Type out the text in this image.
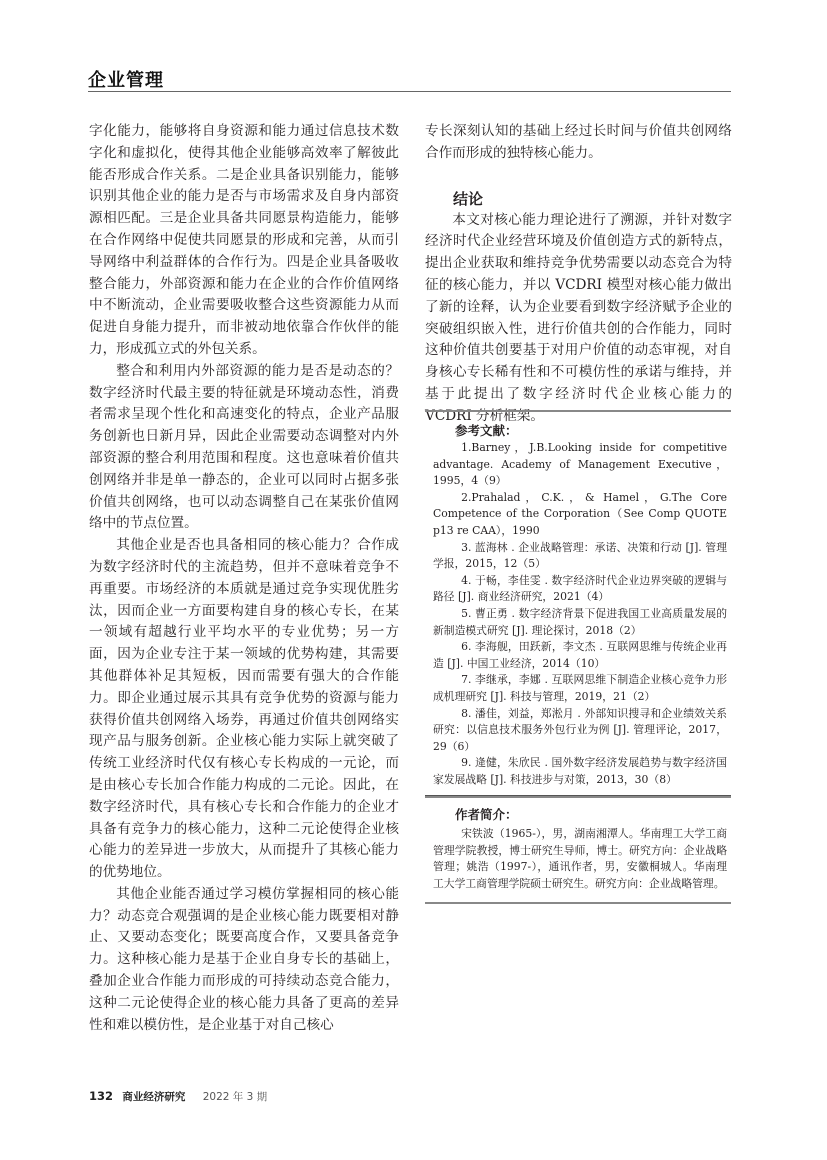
企业管理

字化能力，能够将自身资源和能力通过信息技术数字化和虚拟化，使得其他企业能够高效率了解彼此能否形成合作关系。二是企业具备识别能力，能够识别其他企业的能力是否与市场需求及自身内部资源相匹配。三是企业具备共同愿景构造能力，能够在合作网络中促使共同愿景的形成和完善，从而引导网络中利益群体的合作行为。四是企业具备吸收整合能力，外部资源和能力在企业的合作价值网络中不断流动，企业需要吸收整合这些资源能力从而促进自身能力提升，而非被动地依靠合作伙伴的能力，形成孤立式的外包关系。

整合和利用内外部资源的能力是否是动态的？数字经济时代最主要的特征就是环境动态性，消费者需求呈现个性化和高速变化的特点，企业产品服务创新也日新月异，因此企业需要动态调整对内外部资源的整合利用范围和程度。这也意味着价值共创网络并非是单一静态的，企业可以同时占据多张价值共创网络，也可以动态调整自己在某张价值网络中的节点位置。

其他企业是否也具备相同的核心能力？合作成为数字经济时代的主流趋势，但并不意味着竞争不再重要。市场经济的本质就是通过竞争实现优胜劣汰，因而企业一方面要构建自身的核心专长，在某一领域有超越行业平均水平的专业优势；另一方面，因为企业专注于某一领域的优势构建，其需要其他群体补足其短板，因而需要有强大的合作能力。即企业通过展示其具有竞争优势的资源与能力获得价值共创网络入场券，再通过价值共创网络实现产品与服务创新。企业核心能力实际上就突破了传统工业经济时代仅有核心专长构成的一元论，而是由核心专长加合作能力构成的二元论。因此，在数字经济时代，具有核心专长和合作能力的企业才具备有竞争力的核心能力，这种二元论使得企业核心能力的差异进一步放大，从而提升了其核心能力的优势地位。

其他企业能否通过学习模仿掌握相同的核心能力？动态竞合观强调的是企业核心能力既要相对静止、又要动态变化；既要高度合作，又要具备竞争力。这种核心能力是基于企业自身专长的基础上，叠加企业合作能力而形成的可持续动态竞合能力，这种二元论使得企业的核心能力具备了更高的差异性和难以模仿性，是企业基于对自己核心

专长深刻认知的基础上经过长时间与价值共创网络合作而形成的独特核心能力。

结论

本文对核心能力理论进行了溯源，并针对数字经济时代企业经营环境及价值创造方式的新特点，提出企业获取和维持竞争优势需要以动态竞合为特征的核心能力，并以 VCDRI 模型对核心能力做出了新的诠释，认为企业要看到数字经济赋予企业的突破组织嵌入性，进行价值共创的合作能力，同时这种价值共创要基于对用户价值的动态审视，对自身核心专长稀有性和不可模仿性的承诺与维持，并基于此提出了数字经济时代企业核心能力的 VCDRI 分析框架。

参考文献：

1.Barney，J.B.Looking inside for competitive advantage. Academy of Management Executive，1995，4（9）

2.Prahalad，C.K.，& Hamel，G.The Core Competence of the Corporation（See Comp QUOTE p13 re CAA），1990

3. 蓝海林 . 企业战略管理：承诺、决策和行动 [J]. 管理学报，2015，12（5）

4. 于畅，李佳雯 . 数字经济时代企业边界突破的逻辑与路径 [J]. 商业经济研究，2021（4）

5. 曹正勇 . 数字经济背景下促进我国工业高质量发展的新制造模式研究 [J]. 理论探讨，2018（2）

6. 李海舰，田跃新，李文杰 . 互联网思维与传统企业再造 [J]. 中国工业经济，2014（10）

7. 李继承，李娜 . 互联网思维下制造企业核心竞争力形成机理研究 [J]. 科技与管理，2019，21（2）

8. 潘佳，刘益，郑淞月 . 外部知识搜寻和企业绩效关系研究：以信息技术服务外包行业为例 [J]. 管理评论，2017，29（6）

9. 逄健，朱欣民 . 国外数字经济发展趋势与数字经济国家发展战略 [J]. 科技进步与对策，2013，30（8）

作者简介：

宋铁波（1965-），男，湖南湘潭人。华南理工大学工商管理学院教授，博士研究生导师，博士。研究方向：企业战略管理；姚浩（1997-），通讯作者，男，安徽桐城人。华南理工大学工商管理学院硕士研究生。研究方向：企业战略管理。

132 商业经济研究 2022 年 3 期
